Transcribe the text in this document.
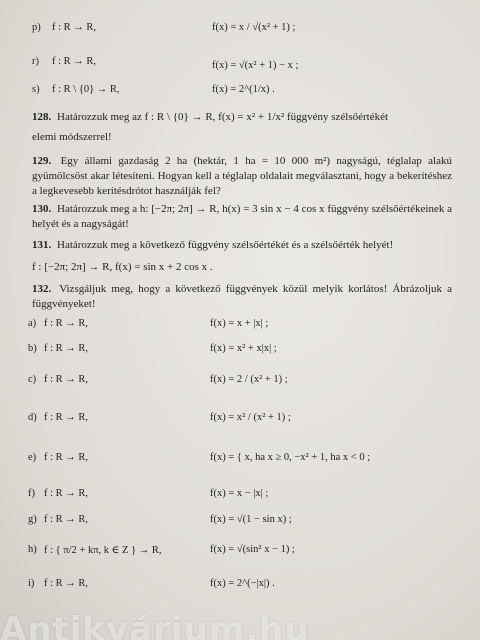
p) f : R → R,	f(x) = x / √(x² + 1) ;
r) f : R → R,	f(x) = √(x² + 1) − x ;
s) f : R \ {0} → R,	f(x) = 2^(1/x) .
128. Határozzuk meg az f : R \ {0} → R, f(x) = x² + 1/x² függvény szélsőértékét
elemi módszerrel!
129. Egy állami gazdaság 2 ha (hektár, 1 ha = 10 000 m²) nagyságú, téglalap alakú gyümölcsöst akar létesíteni. Hogyan kell a téglalap oldalait megválasztani, hogy a bekerítéshez a legkevesebb kerítésdrótot használják fel?
130. Határozzuk meg a h: [−2π; 2π] → R, h(x) = 3 sin x − 4 cos x függvény szélsőértékeinek a helyét és a nagyságát!
131. Határozzuk meg a következő függvény szélsőértékét és a szélsőérték helyét!
f : [−2π; 2π] → R, f(x) = sin x + 2 cos x .
132. Vizsgáljuk meg, hogy a következő függvények közül melyik korlátos! Ábrázoljuk a függvényeket!
a) f : R → R,	f(x) = x + |x| ;
b) f : R → R,	f(x) = x² + x|x| ;
c) f : R → R,	f(x) = 2 / (x² + 1) ;
d) f : R → R,	f(x) = x² / (x² + 1) ;
e) f : R → R,	f(x) = { x, ha x ≥ 0, −x² + 1, ha x < 0 ;
f) f : R → R,	f(x) = x − |x| ;
g) f : R → R,	f(x) = √(1 − sin x) ;
h) f : { π/2 + kπ, k ∈ Z } → R,	f(x) = √(sin² x − 1) ;
i) f : R → R,	f(x) = 2^(−|x|) .
Antikvárium.hu
